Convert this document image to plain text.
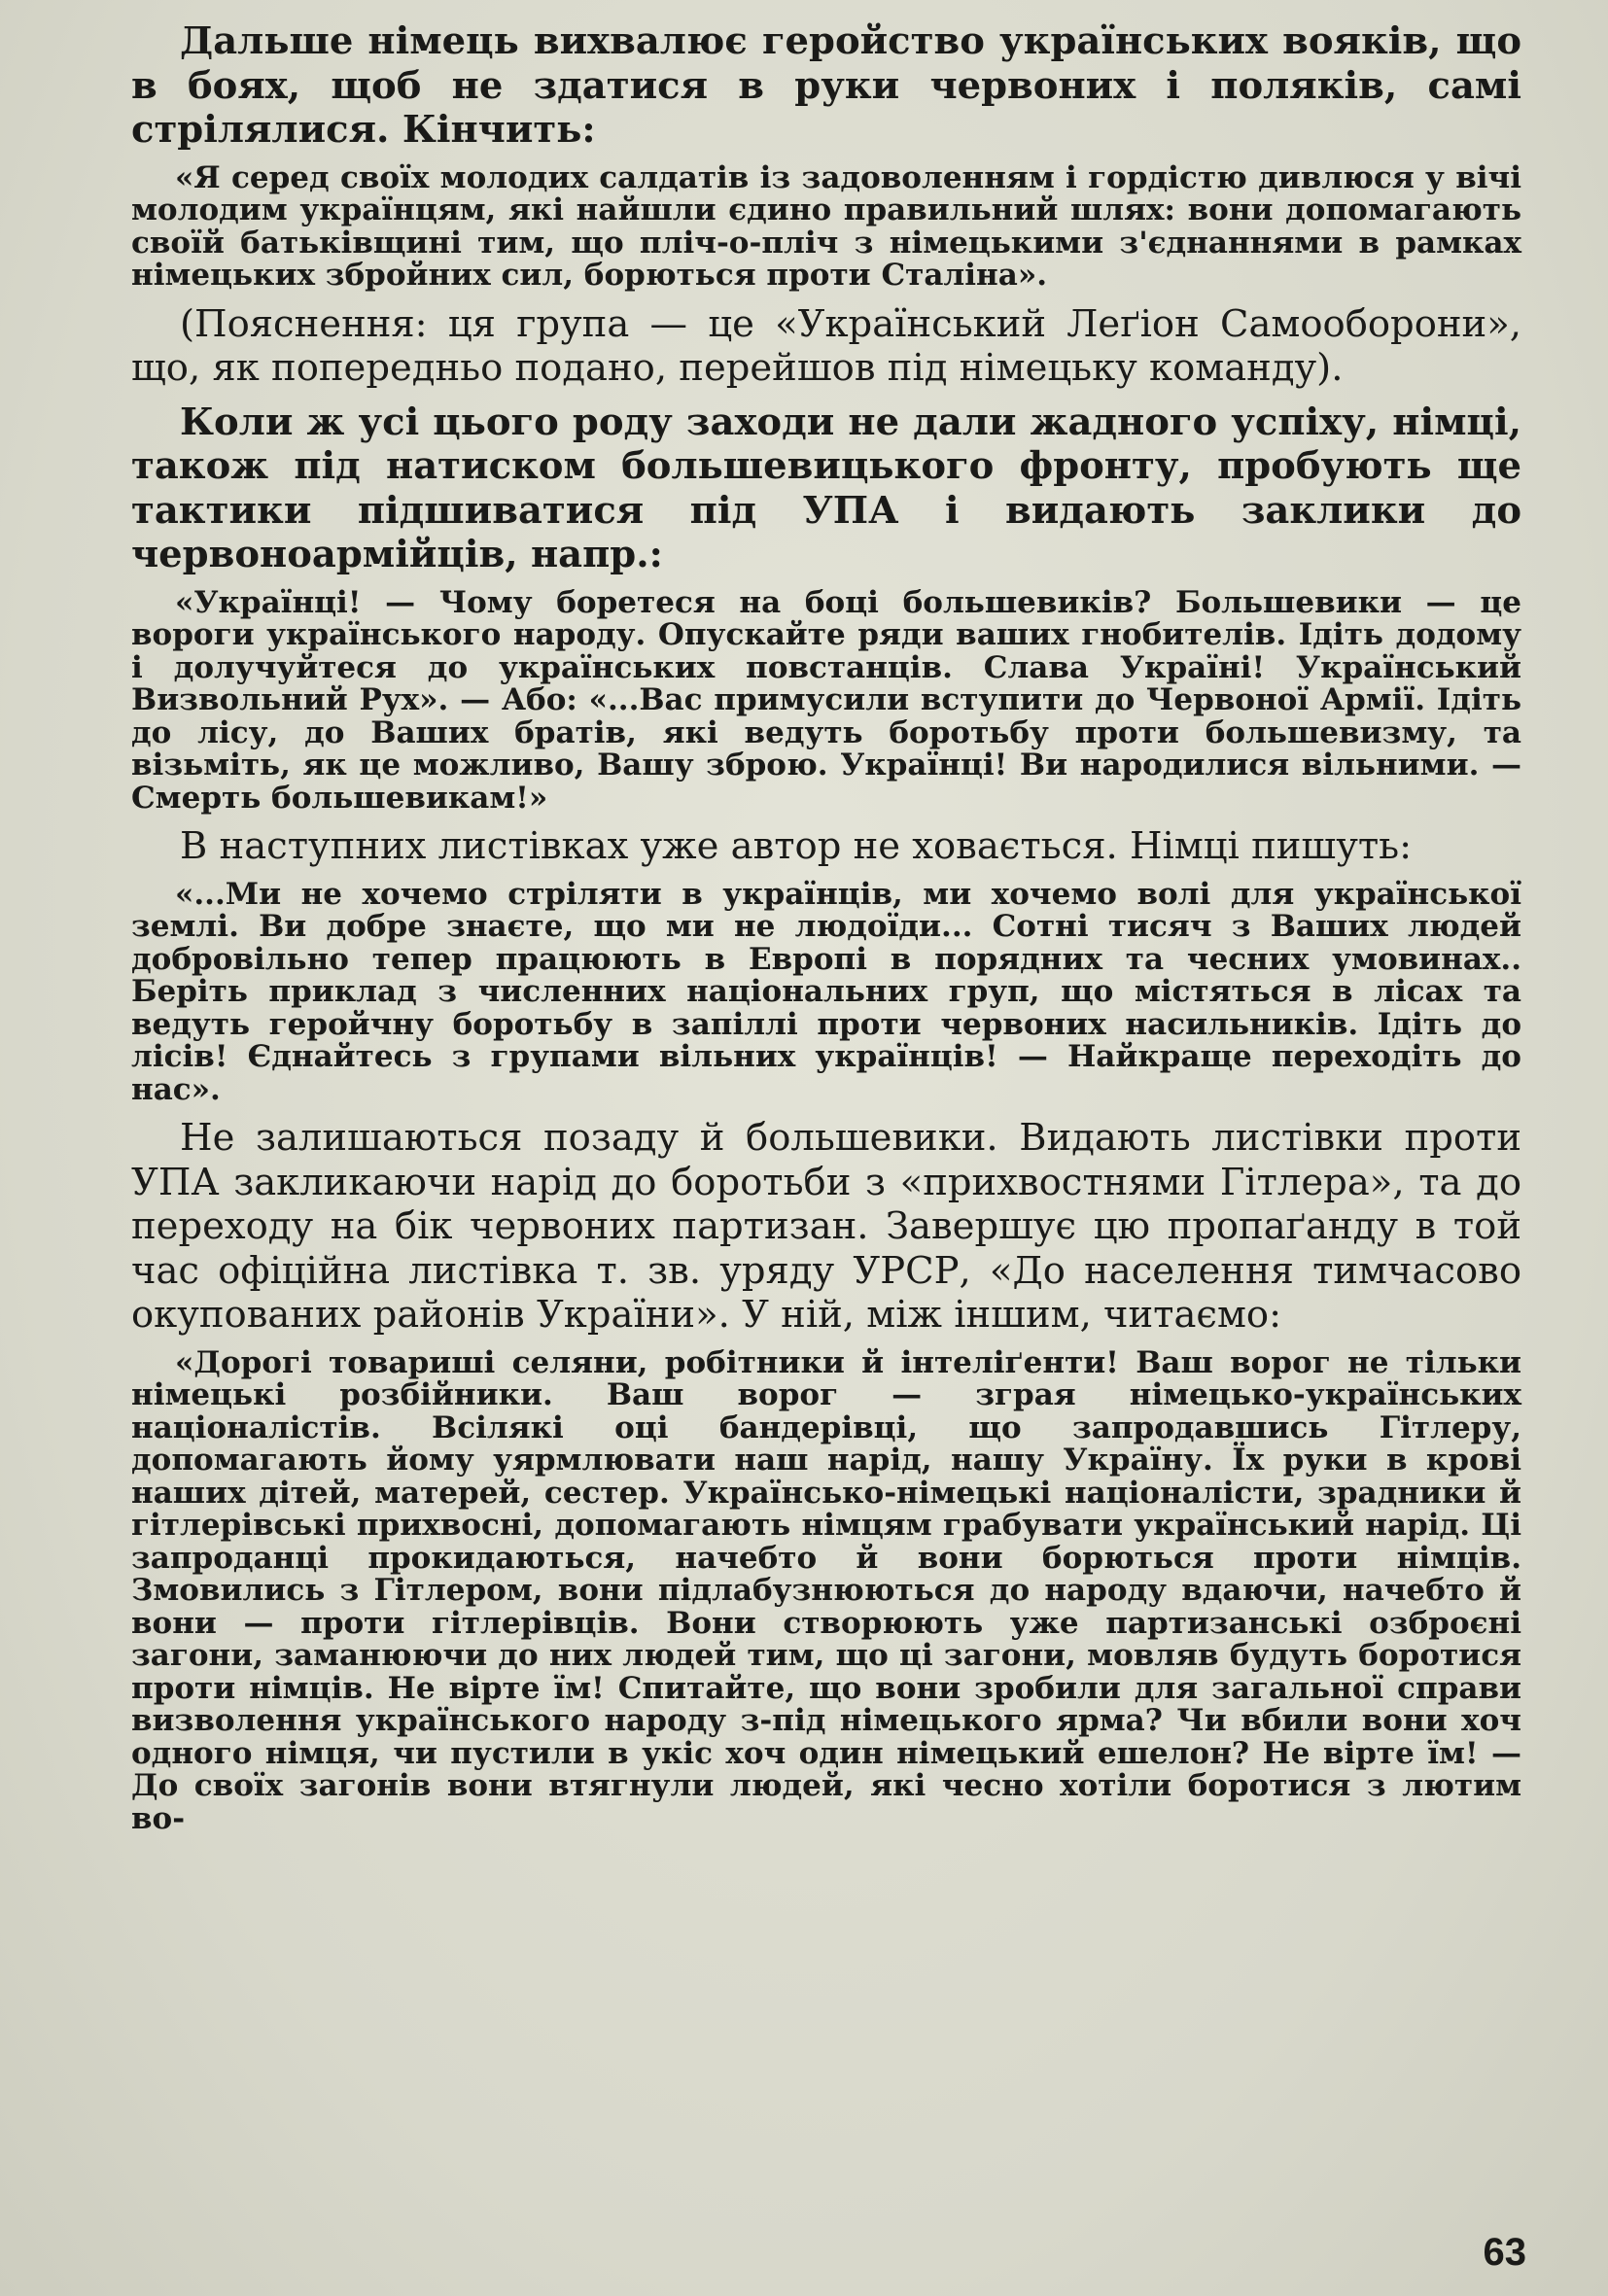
Дальше німець вихвалює геройство українських вояків, що в боях, щоб не здатися в руки червоних і поляків, самі стрілялися. Кінчить:

«Я серед своїх молодих салдатів із задоволенням і гордістю дивлюся у вічі молодим українцям, які найшли єдино правильний шлях: вони допомагають своїй батьківщині тим, що пліч-о-пліч з німецькими з'єднаннями в рамках німецьких збройних сил, борються проти Сталіна».

(Пояснення: ця група — це «Український Леґіон Самооборони», що, як попередньо подано, перейшов під німецьку команду).

Коли ж усі цього роду заходи не дали жадного успіху, німці, також під натиском большевицького фронту, пробують ще тактики підшиватися під УПА і видають заклики до червоноармійців, напр.:

«Українці! — Чому боретеся на боці большевиків? Большевики — це вороги українського народу. Опускайте ряди ваших гнобителів. Ідіть додому і долучуйтеся до українських повстанців. Слава Україні! Український Визвольний Рух». — Або: «...Вас примусили вступити до Червоної Армії. Ідіть до лісу, до Ваших братів, які ведуть боротьбу проти большевизму, та візьміть, як це можливо, Вашу зброю. Українці! Ви народилися вільними. — Смерть большевикам!»

В наступних листівках уже автор не ховається. Німці пишуть:

«...Ми не хочемо стріляти в українців, ми хочемо волі для української землі. Ви добре знаєте, що ми не людоїди... Сотні тисяч з Ваших людей добровільно тепер працюють в Европі в порядних та чесних умовинах.. Беріть приклад з численних національних груп, що містяться в лісах та ведуть геройчну боротьбу в запіллі проти червоних насильників. Ідіть до лісів! Єднайтесь з групами вільних українців! — Найкраще переходіть до нас».

Не залишаються позаду й большевики. Видають листівки проти УПА закликаючи нарід до боротьби з «прихвостнями Гітлера», та до переходу на бік червоних партизан. Завершує цю пропаґанду в той час офіційна листівка т. зв. уряду УРСР, «До населення тимчасово окупованих районів України». У ній, між іншим, читаємо:

«Дорогі товариші селяни, робітники й інтеліґенти! Ваш ворог не тільки німецькі розбійники. Ваш ворог — зграя німецько-українських націоналістів. Всілякі оці бандерівці, що запродавшись Гітлеру, допомагають йому уярмлювати наш нарід, нашу Україну. Їх руки в крові наших дітей, матерей, сестер. Українсько-німецькі націоналісти, зрадники й гітлерівські прихвосні, допомагають німцям грабувати український нарід. Ці запроданці прокидаються, начебто й вони борються проти німців. Змовились з Гітлером, вони підлабузнюються до народу вдаючи, начебто й вони — проти гітлерівців. Вони створюють уже партизанські озброєні загони, заманюючи до них людей тим, що ці загони, мовляв будуть боротися проти німців. Не вірте їм! Спитайте, що вони зробили для загальної справи визволення українського народу з-під німецького ярма? Чи вбили вони хоч одного німця, чи пустили в укіс хоч один німецький ешелон? Не вірте їм! — До своїх загонів вони втягнули людей, які чесно хотіли боротися з лютим во-

63
